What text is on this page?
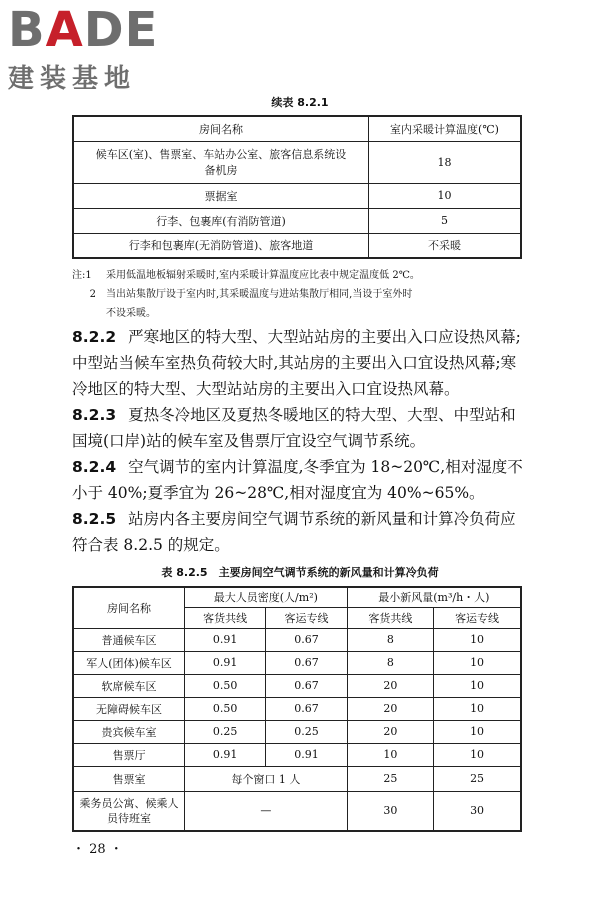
BADE
建装基地
续表 8.2.1
房间名称	室内采暖计算温度(℃)
候车区(室)、售票室、车站办公室、旅客信息系统设备机房	18
票据室	10
行李、包裹库(有消防管道)	5
行李和包裹库(无消防管道)、旅客地道	不采暖
注:1	采用低温地板辐射采暖时,室内采暖计算温度应比表中规定温度低 2℃。
2	当出站集散厅设于室内时,其采暖温度与进站集散厅相同,当设于室外时
不设采暖。
8.2.2 严寒地区的特大型、大型站站房的主要出入口应设热风幕;中型站当候车室热负荷较大时,其站房的主要出入口宜设热风幕;寒冷地区的特大型、大型站站房的主要出入口宜设热风幕。
8.2.3 夏热冬冷地区及夏热冬暖地区的特大型、大型、中型站和国境(口岸)站的候车室及售票厅宜设空气调节系统。
8.2.4 空气调节的室内计算温度,冬季宜为 18~20℃,相对湿度不小于 40%;夏季宜为 26~28℃,相对湿度宜为 40%~65%。
8.2.5 站房内各主要房间空气调节系统的新风量和计算冷负荷应符合表 8.2.5 的规定。
表 8.2.5　主要房间空气调节系统的新风量和计算冷负荷
房间名称	最大人员密度(人/m²)		最小新风量(m³/h・人)	
	客货共线	客运专线	客货共线	客运专线
普通候车区	0.91	0.67	8	10
军人(团体)候车区	0.91	0.67	8	10
软席候车区	0.50	0.67	20	10
无障碍候车区	0.50	0.67	20	10
贵宾候车室	0.25	0.25	20	10
售票厅	0.91	0.91	10	10
售票室	每个窗口 1 人		25	25
乘务员公寓、候乘人员待班室	—		30	30
・ 28 ・
